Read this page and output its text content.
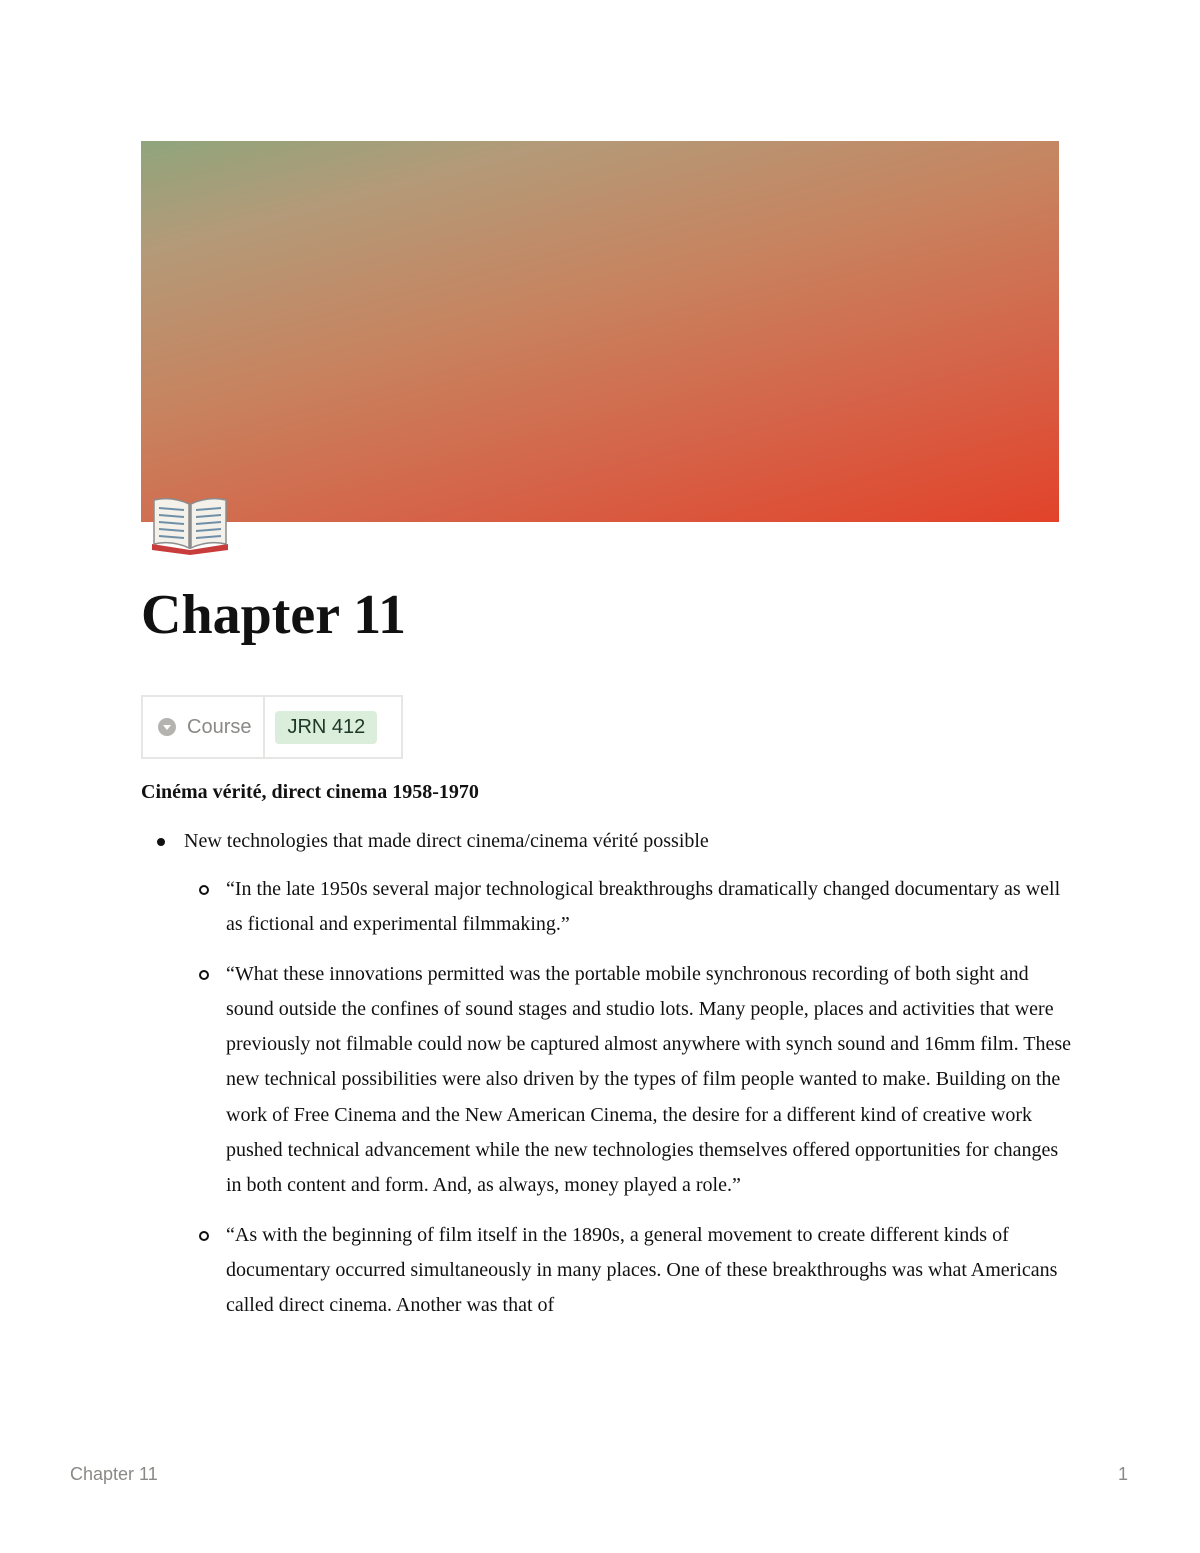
Chapter 11
Course	JRN 412

Cinéma vérité, direct cinema 1958-1970

New technologies that made direct cinema/cinema vérité possible
“In the late 1950s several major technological breakthroughs dramatically changed documentary as well as fictional and experimental filmmaking.”
“What these innovations permitted was the portable mobile synchronous recording of both sight and sound outside the confines of sound stages and studio lots. Many people, places and activities that were previously not filmable could now be captured almost anywhere with synch sound and 16mm film. These new technical possibilities were also driven by the types of film people wanted to make. Building on the work of Free Cinema and the New American Cinema, the desire for a different kind of creative work pushed technical advancement while the new technologies themselves offered opportunities for changes in both content and form. And, as always, money played a role.”
“As with the beginning of film itself in the 1890s, a general movement to create different kinds of documentary occurred simultaneously in many places. One of these breakthroughs was what Americans called direct cinema. Another was that of
Chapter 11	1
